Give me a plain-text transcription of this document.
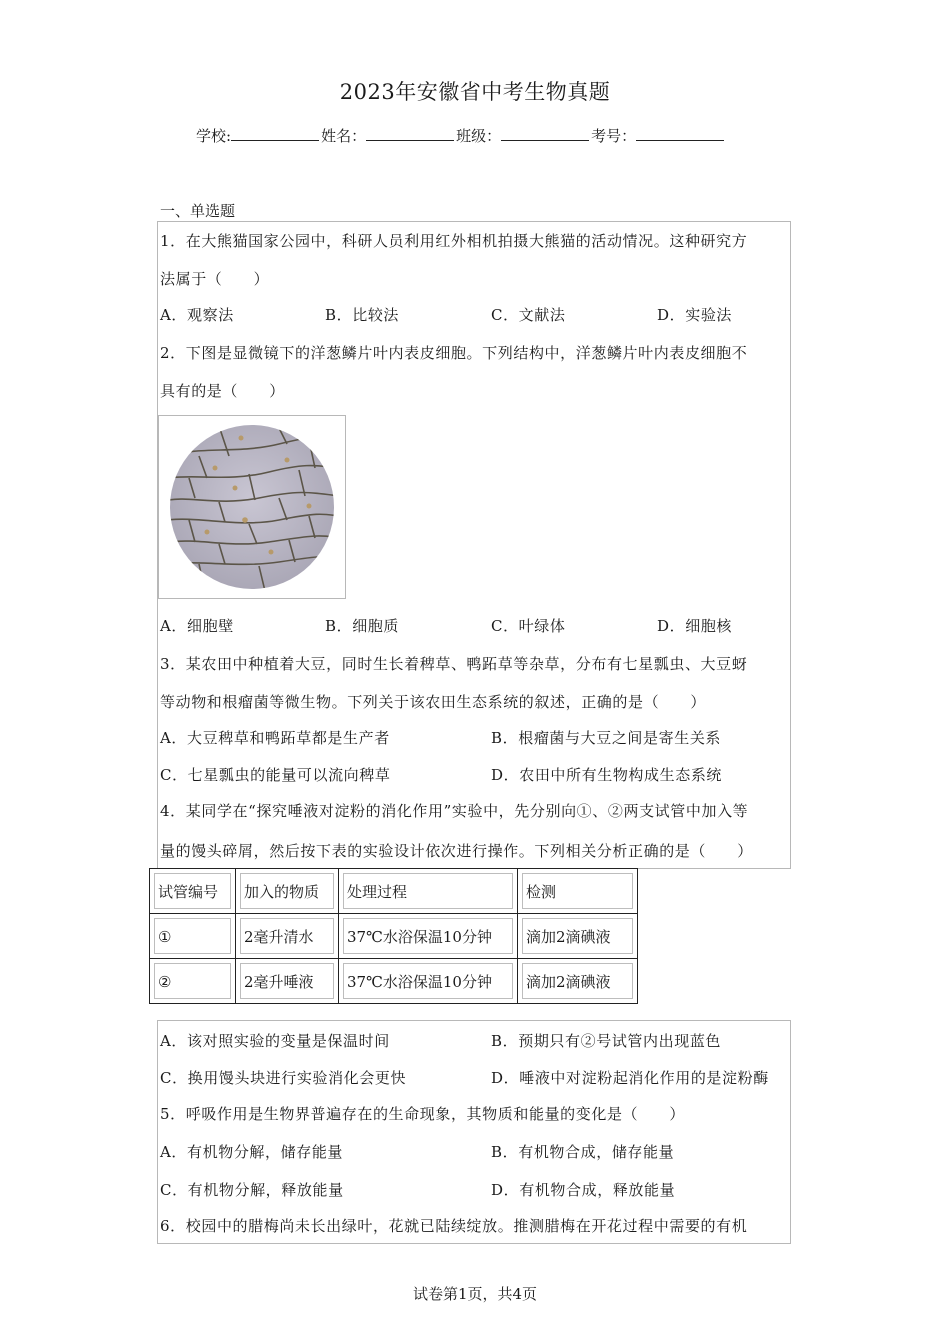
2023年安徽省中考生物真题
学校:	姓名：	班级：	考号：
一、单选题
1．在大熊猫国家公园中，科研人员利用红外相机拍摄大熊猫的活动情况。这种研究方
法属于（　　）
A．观察法	B．比较法	C．文献法	D．实验法
2．下图是显微镜下的洋葱鳞片叶内表皮细胞。下列结构中，洋葱鳞片叶内表皮细胞不
具有的是（　　）
A．细胞壁	B．细胞质	C．叶绿体	D．细胞核
3．某农田中种植着大豆，同时生长着稗草、鸭跖草等杂草，分布有七星瓢虫、大豆蚜
等动物和根瘤菌等微生物。下列关于该农田生态系统的叙述，正确的是（　　）
A．大豆稗草和鸭跖草都是生产者	B．根瘤菌与大豆之间是寄生关系
C．七星瓢虫的能量可以流向稗草	D．农田中所有生物构成生态系统
4．某同学在“探究唾液对淀粉的消化作用”实验中，先分别向①、②两支试管中加入等
量的馒头碎屑，然后按下表的实验设计依次进行操作。下列相关分析正确的是（　　）
试管编号	加入的物质	处理过程	检测

①	2毫升清水	37℃水浴保温10分钟	滴加2滴碘液

②	2毫升唾液	37℃水浴保温10分钟	滴加2滴碘液
A．该对照实验的变量是保温时间	B．预期只有②号试管内出现蓝色
C．换用馒头块进行实验消化会更快	D．唾液中对淀粉起消化作用的是淀粉酶
5．呼吸作用是生物界普遍存在的生命现象，其物质和能量的变化是（　　）
A．有机物分解，储存能量	B．有机物合成，储存能量
C．有机物分解，释放能量	D．有机物合成，释放能量
6．校园中的腊梅尚未长出绿叶，花就已陆续绽放。推测腊梅在开花过程中需要的有机
试卷第1页，共4页
